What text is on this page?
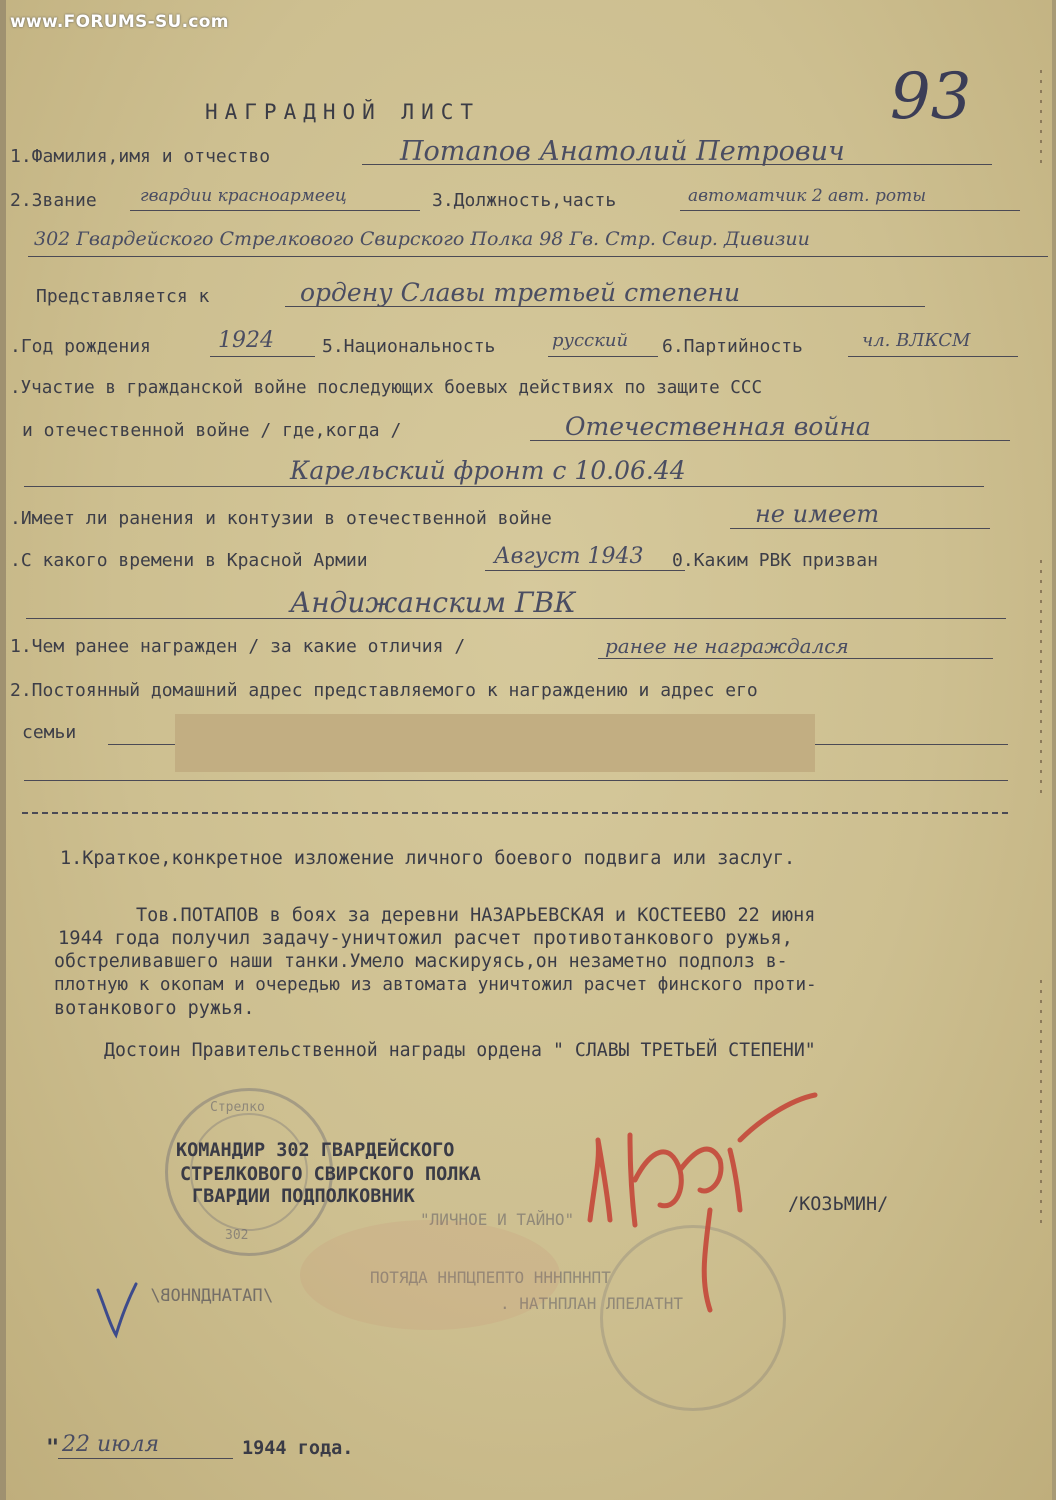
www.FORUMS-SU.com
93
НАГРАДНОЙ ЛИСТ
1.Фамилия,имя и отчество	Потапов Анатолий Петрович
2.Звание	гвардии красноармеец	3.Должность,часть	автоматчик 2 авт. роты
302 Гвардейского Стрелкового Свирского Полка 98 Гв. Стр. Свир. Дивизии
Представляется к	ордену Славы третьей степени
.Год рождения	1924	5.Национальность	русский 6.Партийность	чл. ВЛКСМ
.Участие в гражданской войне последующих боевых действиях по защите ССС
и отечественной войне / где,когда /	Отечественная война
Карельский фронт с 10.06.44
.Имеет ли ранения и контузии в отечественной войне	не имеет
.С какого времени в Красной Армии	Август 1943 0.Каким РВК призван
Андижанским ГВК
1.Чем ранее награжден / за какие отличия /	ранее не награждался
2.Постоянный домашний адрес представляемого к награждению и адрес его
семьи
1.Краткое,конкретное изложение личного боевого подвига или заслуг.
Тов.ПОТАПОВ в боях за деревни НАЗАРЬЕВСКАЯ и КОСТЕЕВО 22 июня
1944 года получил задачу-уничтожил расчет противотанкового ружья,
обстреливавшего наши танки.Умело маскируясь,он незаметно подполз в-
плотную к окопам и очередью из автомата уничтожил расчет финского проти-
вотанкового ружья.
Достоин Правительственной награды ордена " СЛАВЫ ТРЕТЬЕЙ СТЕПЕНИ"
Стрелко
302
КОМАНДИР 302 ГВАРДЕЙСКОГО
СТРЕЛКОВОГО СВИРСКОГО ПОЛКА
ГВАРДИИ ПОДПОЛКОВНИК	/КОЗЬМИН/
"ЛИЧНОЕ И ТАЙНО"
/ПАТАНДИНОВ/
ПОТЯДА ННПЦПЕПТО НННПННПТ
. НАТНПЛАН ЛПЕЛАТНТ
" 22 июля	1944 года.
